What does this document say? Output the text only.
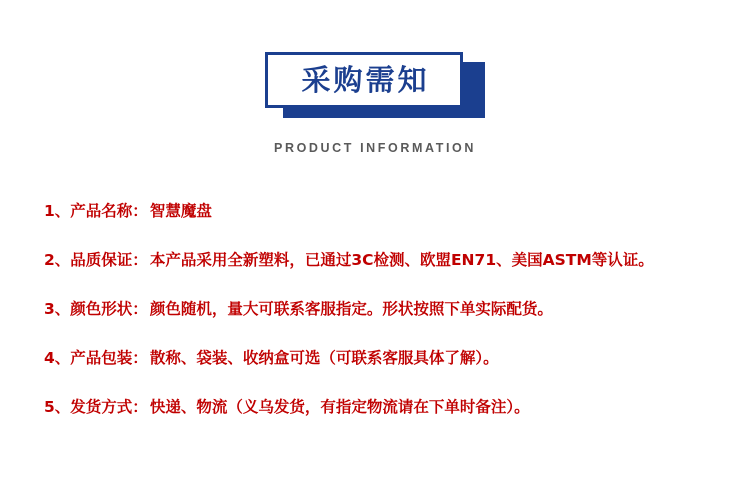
采购需知
PRODUCT INFORMATION
1、 产品名称： 智慧魔盘
2、 品质保证： 本产品采用全新塑料，已通过3C检测、欧盟EN71、美国ASTM等认证。
3、 颜色形状： 颜色随机，量大可联系客服指定。形状按照下单实际配货。
4、 产品包装： 散称、袋装、收纳盒可选（可联系客服具体了解）。
5、 发货方式： 快递、物流（义乌发货，有指定物流请在下单时备注）。
